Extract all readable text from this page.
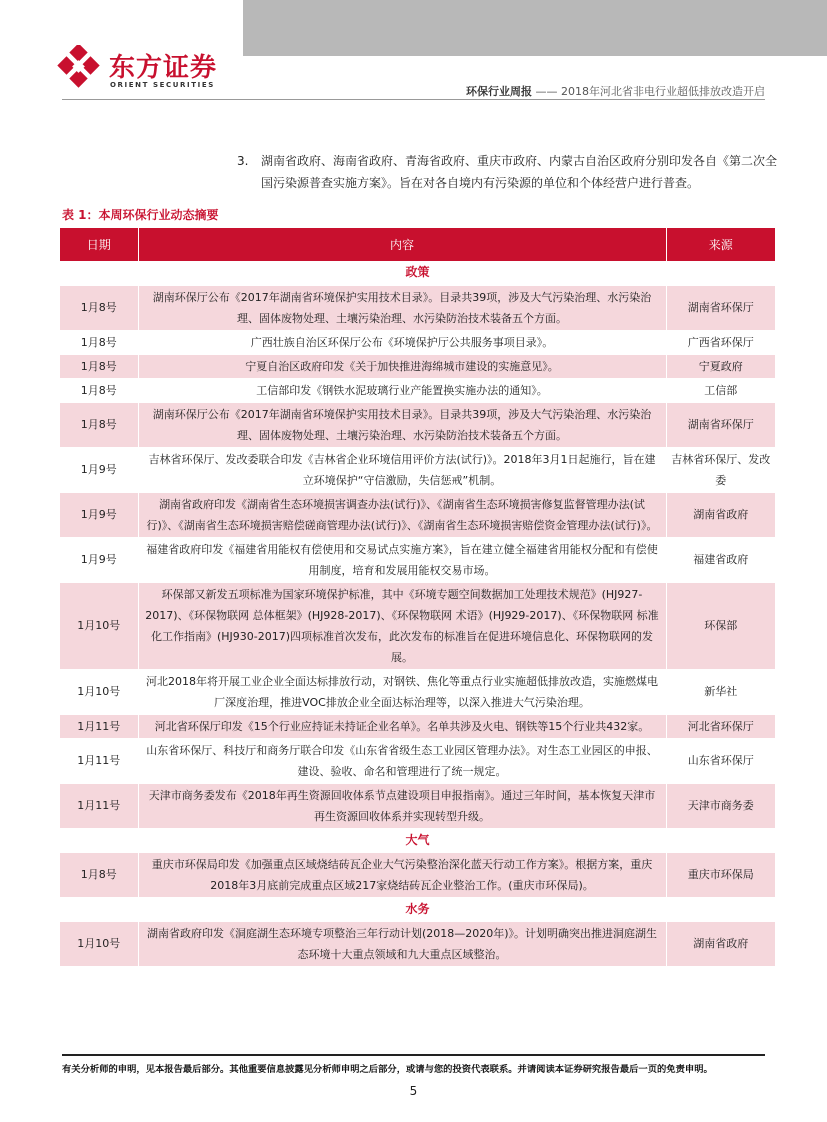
东方证券
ORIENT SECURITIES	环保行业周报 —— 2018年河北省非电行业超低排放改造开启
3.	湖南省政府、海南省政府、青海省政府、重庆市政府、内蒙古自治区政府分别印发各自《第二次全国污染源普查实施方案》。旨在对各自境内有污染源的单位和个体经营户进行普查。
表 1：本周环保行业动态摘要
日期	内容	来源
政策		
1月8号	湖南环保厅公布《2017年湖南省环境保护实用技术目录》。目录共39项，涉及大气污染治理、水污染治理、固体废物处理、土壤污染治理、水污染防治技术装备五个方面。	湖南省环保厅
1月8号	广西壮族自治区环保厅公布《环境保护厅公共服务事项目录》。	广西省环保厅
1月8号	宁夏自治区政府印发《关于加快推进海绵城市建设的实施意见》。	宁夏政府
1月8号	工信部印发《钢铁水泥玻璃行业产能置换实施办法的通知》。	工信部
1月8号	湖南环保厅公布《2017年湖南省环境保护实用技术目录》。目录共39项，涉及大气污染治理、水污染治理、固体废物处理、土壤污染治理、水污染防治技术装备五个方面。	湖南省环保厅
1月9号	吉林省环保厅、发改委联合印发《吉林省企业环境信用评价方法(试行)》。2018年3月1日起施行，旨在建立环境保护“守信激励，失信惩戒”机制。	吉林省环保厅、发改委
1月9号	湖南省政府印发《湖南省生态环境损害调查办法(试行)》、《湖南省生态环境损害修复监督管理办法(试行)》、《湖南省生态环境损害赔偿磋商管理办法(试行)》、《湖南省生态环境损害赔偿资金管理办法(试行)》。	湖南省政府
1月9号	福建省政府印发《福建省用能权有偿使用和交易试点实施方案》，旨在建立健全福建省用能权分配和有偿使用制度，培育和发展用能权交易市场。	福建省政府
1月10号	环保部又新发五项标准为国家环境保护标准，其中《环境专题空间数据加工处理技术规范》(HJ927-2017)、《环保物联网 总体框架》(HJ928-2017)、《环保物联网 术语》(HJ929-2017)、《环保物联网 标准化工作指南》(HJ930-2017)四项标准首次发布，此次发布的标准旨在促进环境信息化、环保物联网的发展。	环保部
1月10号	河北2018年将开展工业企业全面达标排放行动，对钢铁、焦化等重点行业实施超低排放改造，实施燃煤电厂深度治理，推进VOC排放企业全面达标治理等，以深入推进大气污染治理。	新华社
1月11号	河北省环保厅印发《15个行业应持证未持证企业名单》。名单共涉及火电、钢铁等15个行业共432家。	河北省环保厅
1月11号	山东省环保厅、科技厅和商务厅联合印发《山东省省级生态工业园区管理办法》。对生态工业园区的申报、建设、验收、命名和管理进行了统一规定。	山东省环保厅
1月11号	天津市商务委发布《2018年再生资源回收体系节点建设项目申报指南》。通过三年时间，基本恢复天津市再生资源回收体系并实现转型升级。	天津市商务委
大气		
1月8号	重庆市环保局印发《加强重点区域烧结砖瓦企业大气污染整治深化蓝天行动工作方案》。根据方案，重庆2018年3月底前完成重点区域217家烧结砖瓦企业整治工作。(重庆市环保局)。	重庆市环保局
水务		
1月10号	湖南省政府印发《洞庭湖生态环境专项整治三年行动计划(2018—2020年)》。计划明确突出推进洞庭湖生态环境十大重点领域和九大重点区域整治。	湖南省政府
有关分析师的申明，见本报告最后部分。其他重要信息披露见分析师申明之后部分，或请与您的投资代表联系。并请阅读本证券研究报告最后一页的免责申明。
5
